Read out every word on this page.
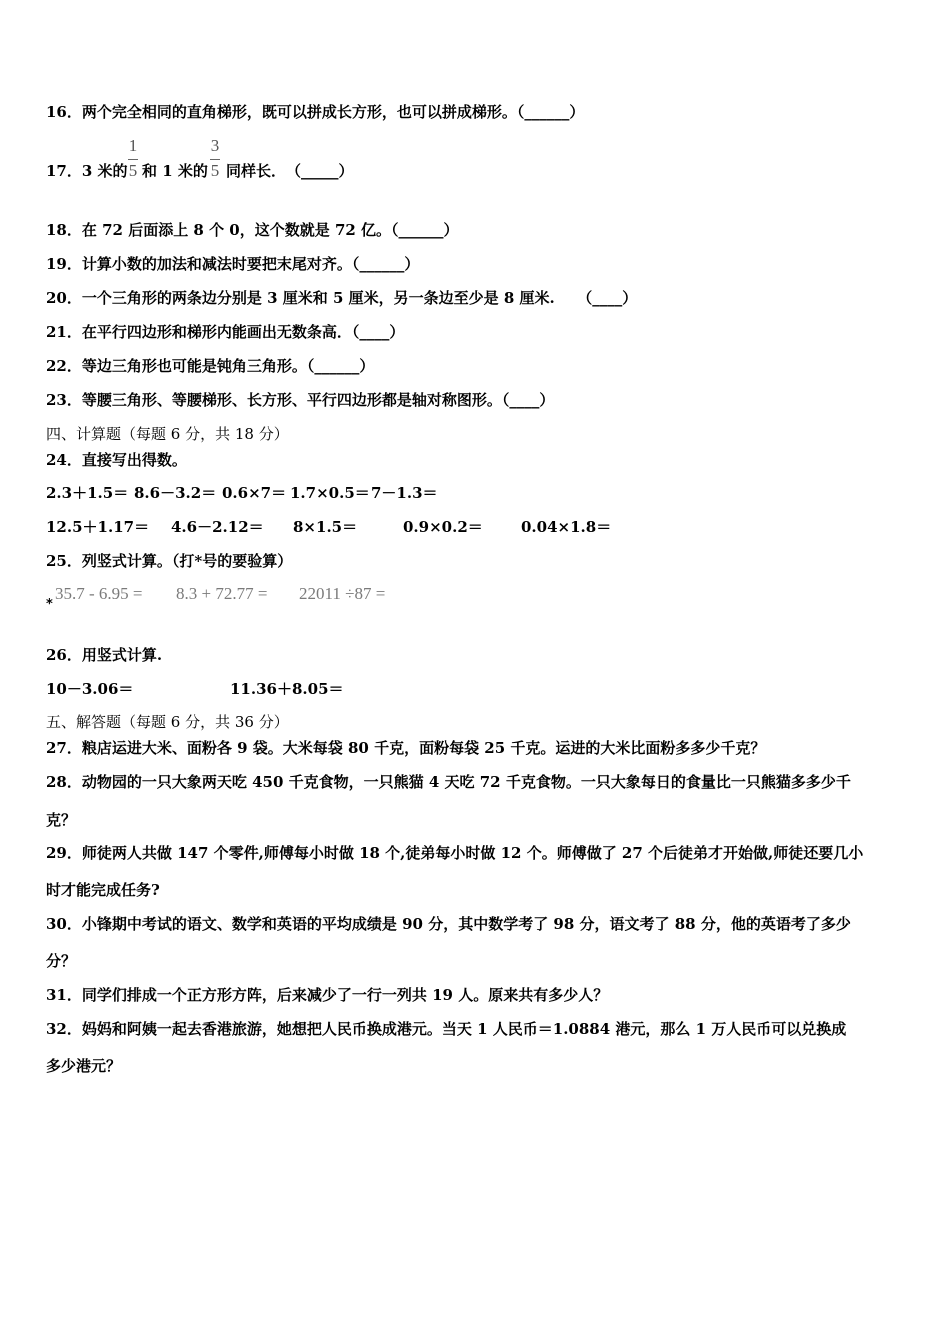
16．两个完全相同的直角梯形，既可以拼成长方形，也可以拼成梯形。（______）
17．3 米的
1
5 和 1 米的
3
5 同样长．　（_____）
18．在 72 后面添上 8 个 0，这个数就是 72 亿。（______）
19．计算小数的加法和减法时要把末尾对齐。（______）
20．一个三角形的两条边分别是 3 厘米和 5 厘米，另一条边至少是 8 厘米.　　（____）
21．在平行四边形和梯形内能画出无数条高．（____）
22．等边三角形也可能是钝角三角形。（______）
23．等腰三角形、等腰梯形、长方形、平行四边形都是轴对称图形。（____）
四、计算题（每题 6 分，共 18 分）
24．直接写出得数。
2.3＋1.5＝ 8.6－3.2＝ 0.6×7＝ 1.7×0.5＝ 7－1.3＝
12.5＋1.17＝ 4.6－2.12＝ 8×1.5＝	0.9×0.2＝	0.04×1.8＝
25．列竖式计算。（打*号的要验算）
35.7 - 6.95 = 8.3 + 72.77 = 22011 ÷87 =
*
26．用竖式计算.
10－3.06＝	11.36＋8.05＝
五、解答题（每题 6 分，共 36 分）
27．粮店运进大米、面粉各 9 袋。大米每袋 80 千克，面粉每袋 25 千克。运进的大米比面粉多多少千克？
28．动物园的一只大象两天吃 450 千克食物，一只熊猫 4 天吃 72 千克食物。一只大象每日的食量比一只熊猫多多少千
克？
29．师徒两人共做 147 个零件,师傅每小时做 18 个,徒弟每小时做 12 个。师傅做了 27 个后徒弟才开始做,师徒还要几小
时才能完成任务?
30．小锋期中考试的语文、数学和英语的平均成绩是 90 分，其中数学考了 98 分，语文考了 88 分，他的英语考了多少
分？
31．同学们排成一个正方形方阵，后来减少了一行一列共 19 人。原来共有多少人？
32．妈妈和阿姨一起去香港旅游，她想把人民币换成港元。当天 1 人民币＝1.0884 港元，那么 1 万人民币可以兑换成
多少港元？
